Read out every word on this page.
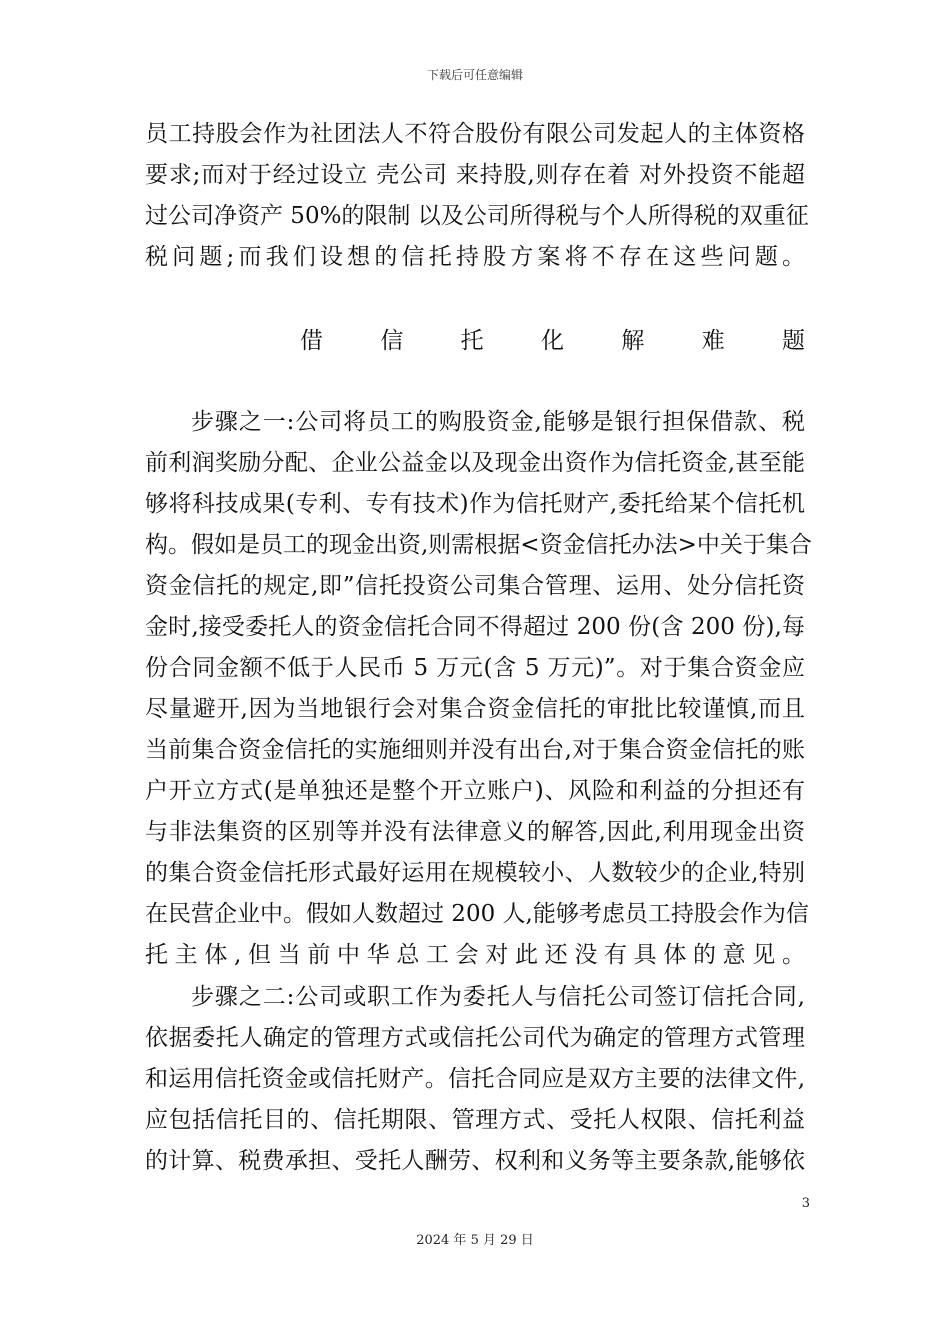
下载后可任意编辑
员工持股会作为社团法人不符合股份有限公司发起人的主体资格
要求;而对于经过设立 壳公司 来持股,则存在着 对外投资不能超
过公司净资产 50%的限制 以及公司所得税与个人所得税的双重征
税问题;而我们设想的信托持股方案将不存在这些问题。
借信托化解难题
步骤之一:公司将员工的购股资金,能够是银行担保借款、税
前利润奖励分配、企业公益金以及现金出资作为信托资金,甚至能
够将科技成果(专利、专有技术)作为信托财产,委托给某个信托机
构。假如是员工的现金出资,则需根据<资金信托办法>中关于集合
资金信托的规定,即”信托投资公司集合管理、运用、处分信托资
金时,接受委托人的资金信托合同不得超过 200 份(含 200 份),每
份合同金额不低于人民币 5 万元(含 5 万元)”。对于集合资金应
尽量避开,因为当地银行会对集合资金信托的审批比较谨慎,而且
当前集合资金信托的实施细则并没有出台,对于集合资金信托的账
户开立方式(是单独还是整个开立账户)、风险和利益的分担还有
与非法集资的区别等并没有法律意义的解答,因此,利用现金出资
的集合资金信托形式最好运用在规模较小、人数较少的企业,特别
在民营企业中。假如人数超过 200 人,能够考虑员工持股会作为信
托主体,但当前中华总工会对此还没有具体的意见。
步骤之二:公司或职工作为委托人与信托公司签订信托合同,
依据委托人确定的管理方式或信托公司代为确定的管理方式管理
和运用信托资金或信托财产。信托合同应是双方主要的法律文件,
应包括信托目的、信托期限、管理方式、受托人权限、信托利益
的计算、税费承担、受托人酬劳、权利和义务等主要条款,能够依
3
2024 年 5 月 29 日
